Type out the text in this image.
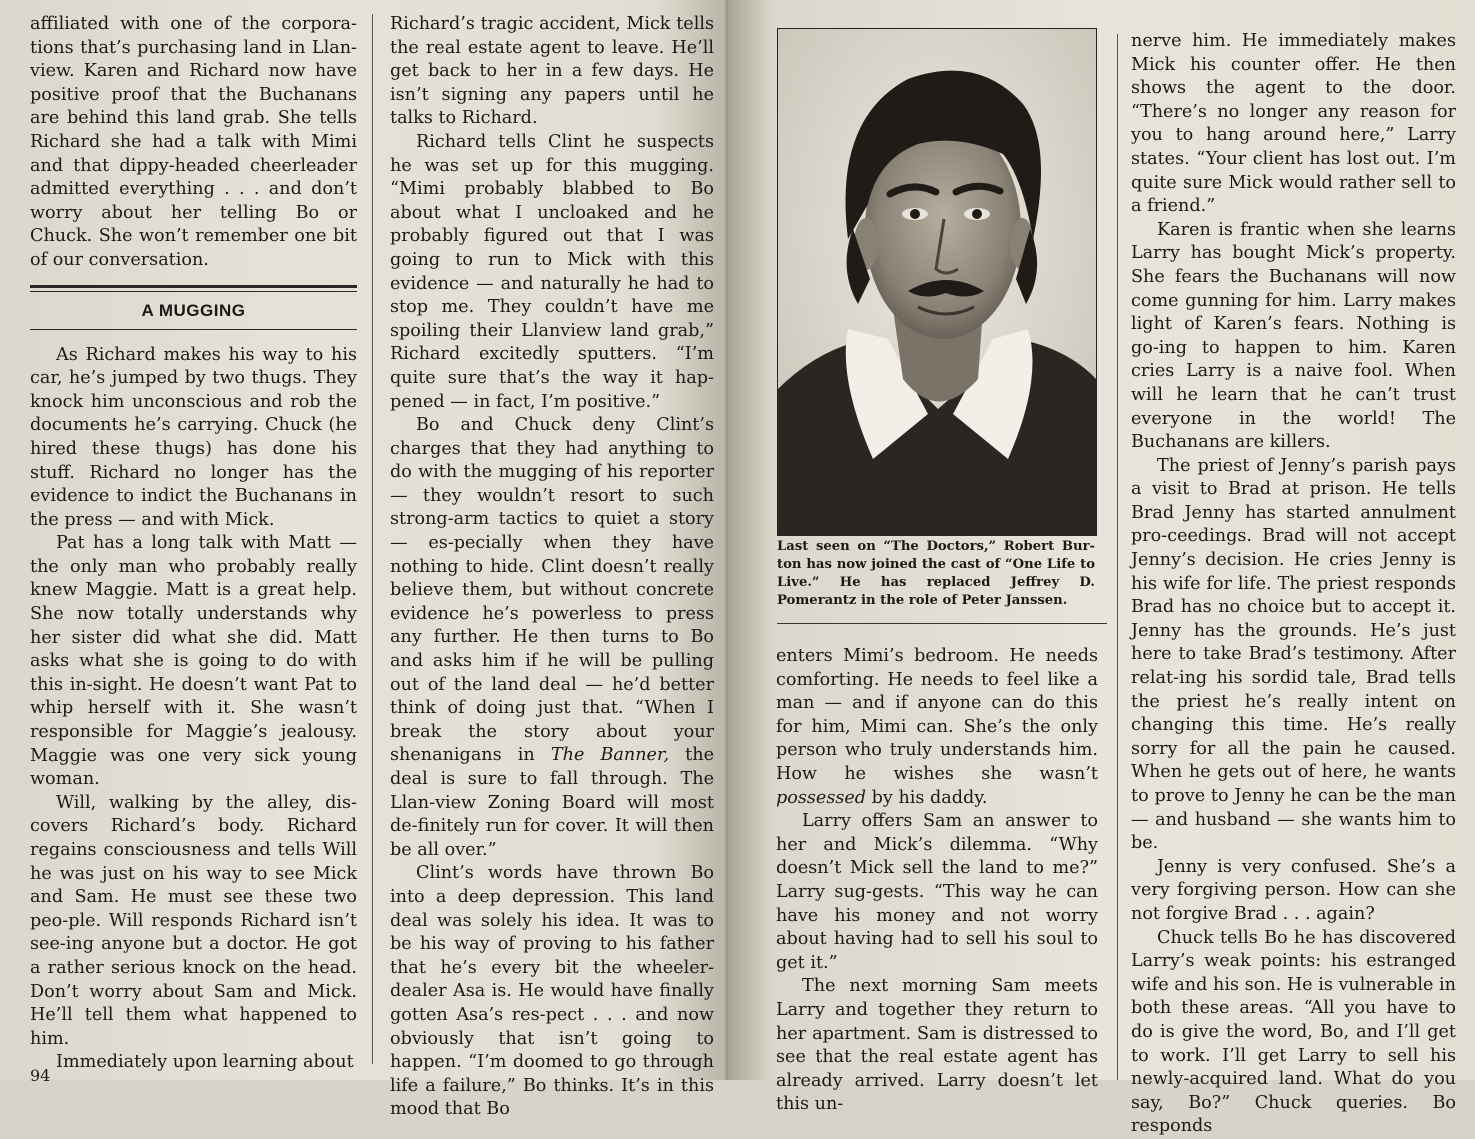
affiliated with one of the corpora-tions that’s purchasing land in Llan-view. Karen and Richard now have positive proof that the Buchanans are behind this land grab. She tells Richard she had a talk with Mimi and that dippy-headed cheerleader admitted everything . . . and don’t worry about her telling Bo or Chuck. She won’t remember one bit of our conversation.

A MUGGING

As Richard makes his way to his car, he’s jumped by two thugs. They knock him unconscious and rob the documents he’s carrying. Chuck (he hired these thugs) has done his stuff. Richard no longer has the evidence to indict the Buchanans in the press — and with Mick.

Pat has a long talk with Matt — the only man who probably really knew Maggie. Matt is a great help. She now totally understands why her sister did what she did. Matt asks what she is going to do with this in-sight. He doesn’t want Pat to whip herself with it. She wasn’t responsible for Maggie’s jealousy. Maggie was one very sick young woman.

Will, walking by the alley, dis-covers Richard’s body. Richard regains consciousness and tells Will he was just on his way to see Mick and Sam. He must see these two peo-ple. Will responds Richard isn’t see-ing anyone but a doctor. He got a rather serious knock on the head. Don’t worry about Sam and Mick. He’ll tell them what happened to him.

Immediately upon learning about

Richard’s tragic accident, Mick tells the real estate agent to leave. He’ll get back to her in a few days. He isn’t signing any papers until he talks to Richard.

Richard tells Clint he suspects he was set up for this mugging. “Mimi probably blabbed to Bo about what I uncloaked and he probably figured out that I was going to run to Mick with this evidence — and naturally he had to stop me. They couldn’t have me spoiling their Llanview land grab,” Richard excitedly sputters. “I’m quite sure that’s the way it hap-pened — in fact, I’m positive.”

Bo and Chuck deny Clint’s charges that they had anything to do with the mugging of his reporter — they wouldn’t resort to such strong-arm tactics to quiet a story — es-pecially when they have nothing to hide. Clint doesn’t really believe them, but without concrete evidence he’s powerless to press any further. He then turns to Bo and asks him if he will be pulling out of the land deal — he’d better think of doing just that. “When I break the story about your shenanigans in The Banner, the deal is sure to fall through. The Llan-view Zoning Board will most de-finitely run for cover. It will then be all over.”

Clint’s words have thrown Bo into a deep depression. This land deal was solely his idea. It was to be his way of proving to his father that he’s every bit the wheeler-dealer Asa is. He would have finally gotten Asa’s res-pect . . . and now obviously that isn’t going to happen. “I’m doomed to go through life a failure,” Bo thinks. It’s in this mood that Bo

94

enters Mimi’s bedroom. He needs comforting. He needs to feel like a man — and if anyone can do this for him, Mimi can. She’s the only person who truly understands him. How he wishes she wasn’t possessed by his daddy.

Larry offers Sam an answer to her and Mick’s dilemma. “Why doesn’t Mick sell the land to me?” Larry sug-gests. “This way he can have his money and not worry about having had to sell his soul to get it.”

The next morning Sam meets Larry and together they return to her apartment. Sam is distressed to see that the real estate agent has already arrived. Larry doesn’t let this un-

nerve him. He immediately makes Mick his counter offer. He then shows the agent to the door. “There’s no longer any reason for you to hang around here,” Larry states. “Your client has lost out. I’m quite sure Mick would rather sell to a friend.”

Karen is frantic when she learns Larry has bought Mick’s property. She fears the Buchanans will now come gunning for him. Larry makes light of Karen’s fears. Nothing is go-ing to happen to him. Karen cries Larry is a naive fool. When will he learn that he can’t trust everyone in the world! The Buchanans are killers.

The priest of Jenny’s parish pays a visit to Brad at prison. He tells Brad Jenny has started annulment pro-ceedings. Brad will not accept Jenny’s decision. He cries Jenny is his wife for life. The priest responds Brad has no choice but to accept it. Jenny has the grounds. He’s just here to take Brad’s testimony. After relat-ing his sordid tale, Brad tells the priest he’s really intent on changing this time. He’s really sorry for all the pain he caused. When he gets out of here, he wants to prove to Jenny he can be the man — and husband — she wants him to be.

Jenny is very confused. She’s a very forgiving person. How can she not forgive Brad . . . again?

Chuck tells Bo he has discovered Larry’s weak points: his estranged wife and his son. He is vulnerable in both these areas. “All you have to do is give the word, Bo, and I’ll get to work. I’ll get Larry to sell his newly-acquired land. What do you say, Bo?” Chuck queries. Bo responds

Last seen on “The Doctors,” Robert Bur-ton has now joined the cast of “One Life to Live.” He has replaced Jeffrey D. Pomerantz in the role of Peter Janssen.
